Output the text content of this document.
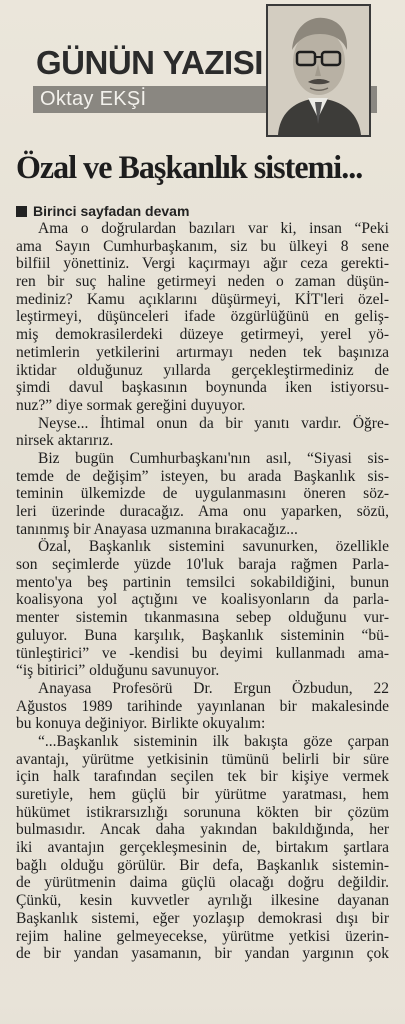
GÜNÜN YAZISI
Oktay EKŞİ
Özal ve Başkanlık sistemi...
Birinci sayfadan devam
Ama o doğrulardan bazıları var ki, insan “Peki
ama Sayın Cumhurbaşkanım, siz bu ülkeyi 8 sene
bilfiil yönettiniz. Vergi kaçırmayı ağır ceza gerekti-
ren bir suç haline getirmeyi neden o zaman düşün-
mediniz? Kamu açıklarını düşürmeyi, KİT'leri özel-
leştirmeyi, düşünceleri ifade özgürlüğünü en geliş-
miş demokrasilerdeki düzeye getirmeyi, yerel yö-
netimlerin yetkilerini artırmayı neden tek başınıza
iktidar olduğunuz yıllarda gerçekleştirmediniz de
şimdi davul başkasının boynunda iken istiyorsu-
nuz?” diye sormak gereğini duyuyor.
Neyse... İhtimal onun da bir yanıtı vardır. Öğre-
nirsek aktarırız.
Biz bugün Cumhurbaşkanı'nın asıl, “Siyasi sis-
temde de değişim” isteyen, bu arada Başkanlık sis-
teminin ülkemizde de uygulanmasını öneren söz-
leri üzerinde duracağız. Ama onu yaparken, sözü,
tanınmış bir Anayasa uzmanına bırakacağız...
Özal, Başkanlık sistemini savunurken, özellikle
son seçimlerde yüzde 10'luk baraja rağmen Parla-
mento'ya beş partinin temsilci sokabildiğini, bunun
koalisyona yol açtığını ve koalisyonların da parla-
menter sistemin tıkanmasına sebep olduğunu vur-
guluyor. Buna karşılık, Başkanlık sisteminin “bü-
tünleştirici” ve -kendisi bu deyimi kullanmadı ama-
“iş bitirici” olduğunu savunuyor.
Anayasa Profesörü Dr. Ergun Özbudun, 22
Ağustos 1989 tarihinde yayınlanan bir makalesinde
bu konuya değiniyor. Birlikte okuyalım:
“...Başkanlık sisteminin ilk bakışta göze çarpan
avantajı, yürütme yetkisinin tümünü belirli bir süre
için halk tarafından seçilen tek bir kişiye vermek
suretiyle, hem güçlü bir yürütme yaratması, hem
hükümet istikrarsızlığı sorununa kökten bir çözüm
bulmasıdır. Ancak daha yakından bakıldığında, her
iki avantajın gerçekleşmesinin de, birtakım şartlara
bağlı olduğu görülür. Bir defa, Başkanlık sistemin-
de yürütmenin daima güçlü olacağı doğru değildir.
Çünkü, kesin kuvvetler ayrılığı ilkesine dayanan
Başkanlık sistemi, eğer yozlaşıp demokrasi dışı bir
rejim haline gelmeyecekse, yürütme yetkisi üzerin-
de bir yandan yasamanın, bir yandan yargının çok
